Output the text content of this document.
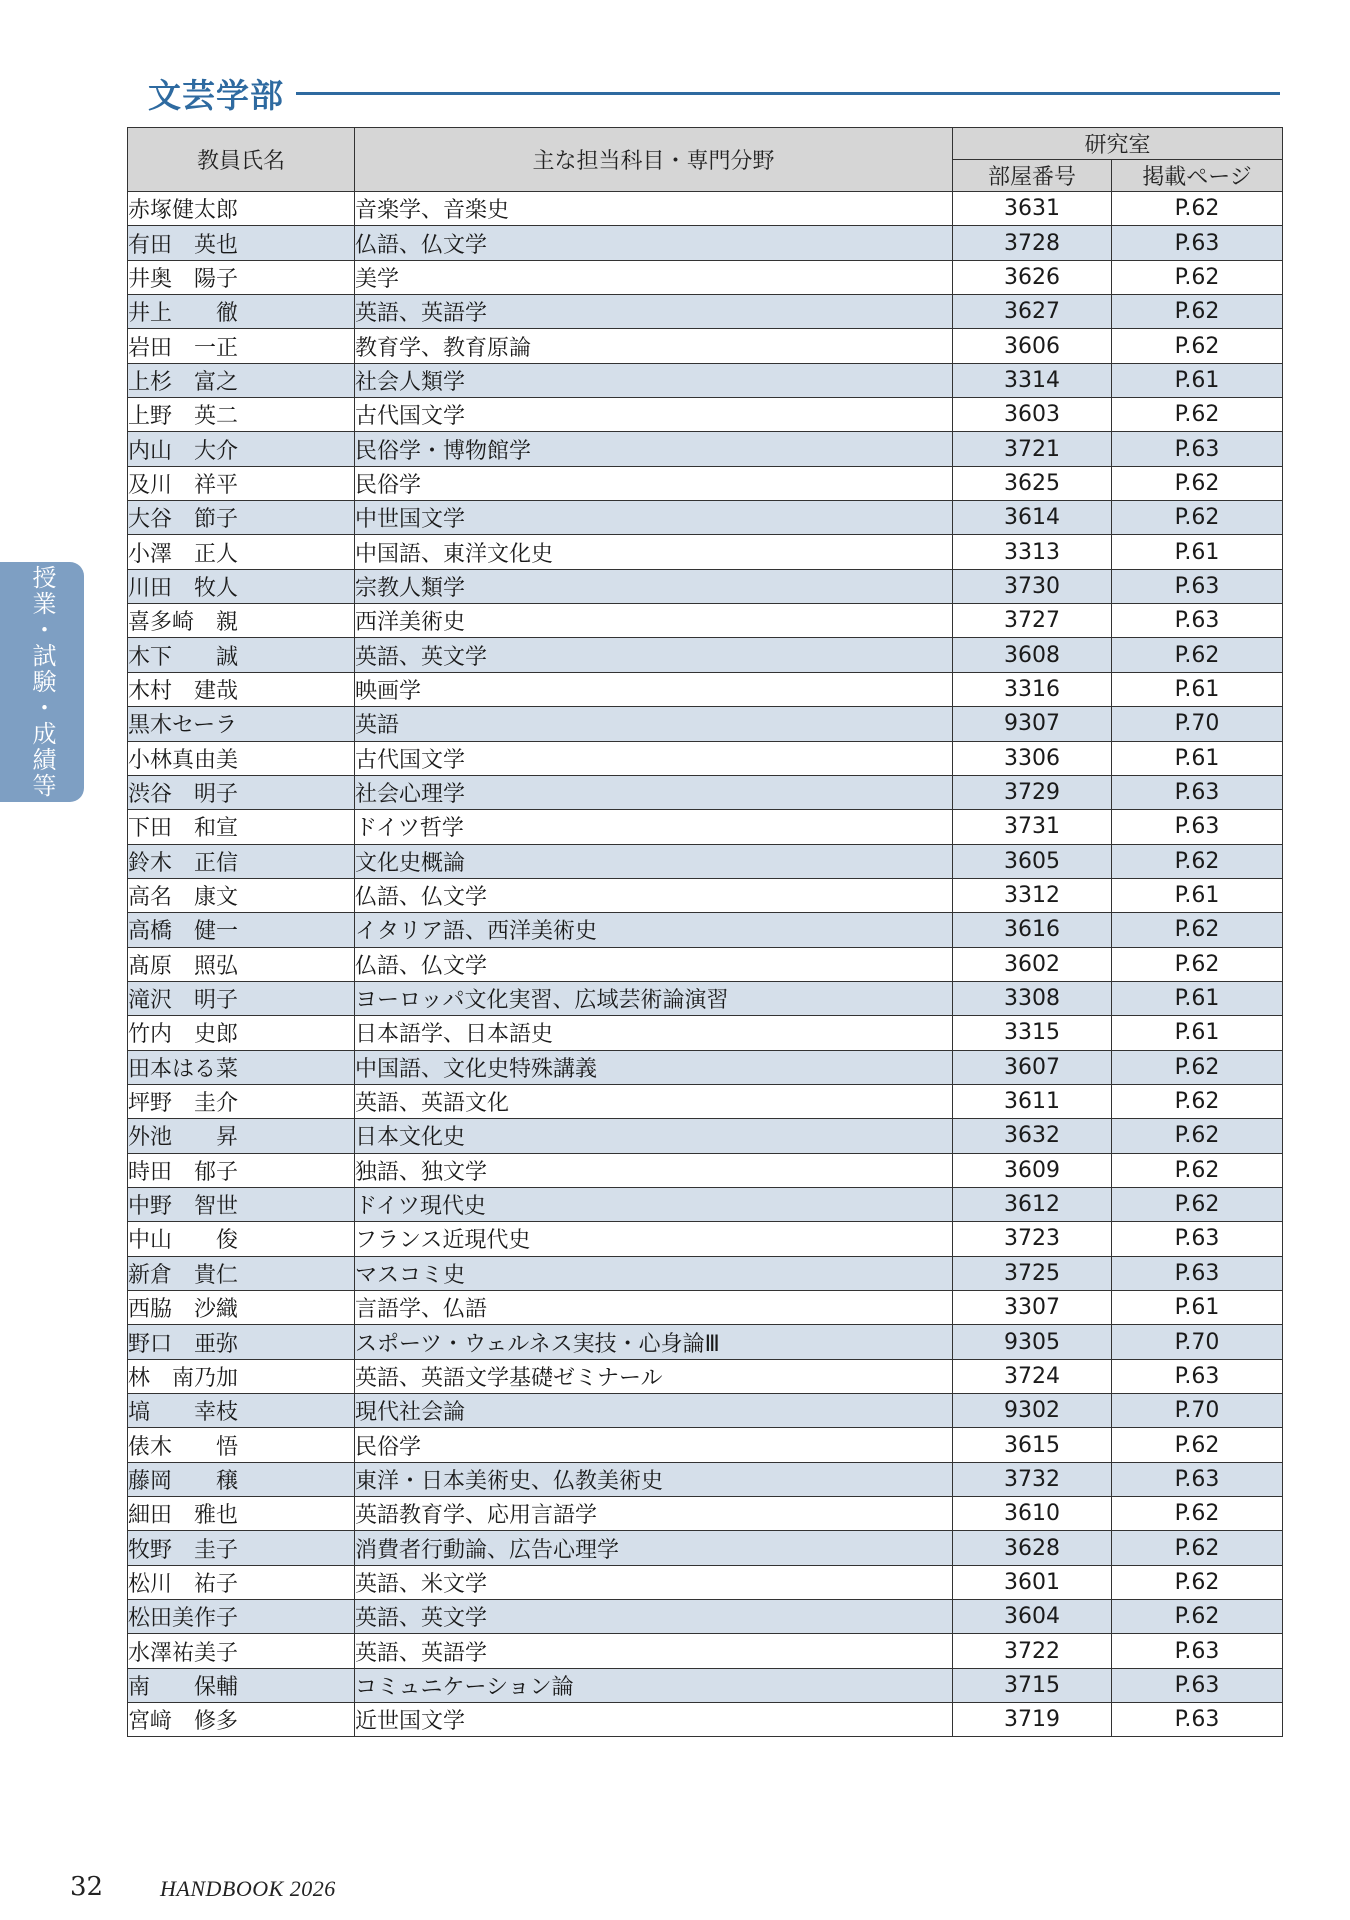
文芸学部
授業・試験・成績等
教員氏名	主な担当科目・専門分野	研究室	
		部屋番号	掲載ページ
赤塚健太郎	音楽学、音楽史	3631	P.62
有田　英也	仏語、仏文学	3728	P.63
井奥　陽子	美学	3626	P.62
井上　　徹	英語、英語学	3627	P.62
岩田　一正	教育学、教育原論	3606	P.62
上杉　富之	社会人類学	3314	P.61
上野　英二	古代国文学	3603	P.62
内山　大介	民俗学・博物館学	3721	P.63
及川　祥平	民俗学	3625	P.62
大谷　節子	中世国文学	3614	P.62
小澤　正人	中国語、東洋文化史	3313	P.61
川田　牧人	宗教人類学	3730	P.63
喜多崎　親	西洋美術史	3727	P.63
木下　　誠	英語、英文学	3608	P.62
木村　建哉	映画学	3316	P.61
黒木セーラ	英語	9307	P.70
小林真由美	古代国文学	3306	P.61
渋谷　明子	社会心理学	3729	P.63
下田　和宣	ドイツ哲学	3731	P.63
鈴木　正信	文化史概論	3605	P.62
高名　康文	仏語、仏文学	3312	P.61
高橋　健一	イタリア語、西洋美術史	3616	P.62
髙原　照弘	仏語、仏文学	3602	P.62
滝沢　明子	ヨーロッパ文化実習、広域芸術論演習	3308	P.61
竹内　史郎	日本語学、日本語史	3315	P.61
田本はる菜	中国語、文化史特殊講義	3607	P.62
坪野　圭介	英語、英語文化	3611	P.62
外池　　昇	日本文化史	3632	P.62
時田　郁子	独語、独文学	3609	P.62
中野　智世	ドイツ現代史	3612	P.62
中山　　俊	フランス近現代史	3723	P.63
新倉　貴仁	マスコミ史	3725	P.63
西脇　沙織	言語学、仏語	3307	P.61
野口　亜弥	スポーツ・ウェルネス実技・心身論Ⅲ	9305	P.70
林　南乃加	英語、英語文学基礎ゼミナール	3724	P.63
塙　　幸枝	現代社会論	9302	P.70
俵木　　悟	民俗学	3615	P.62
藤岡　　穣	東洋・日本美術史、仏教美術史	3732	P.63
細田　雅也	英語教育学、応用言語学	3610	P.62
牧野　圭子	消費者行動論、広告心理学	3628	P.62
松川　祐子	英語、米文学	3601	P.62
松田美作子	英語、英文学	3604	P.62
水澤祐美子	英語、英語学	3722	P.63
南　　保輔	コミュニケーション論	3715	P.63
宮﨑　修多	近世国文学	3719	P.63
32	HANDBOOK 2026
